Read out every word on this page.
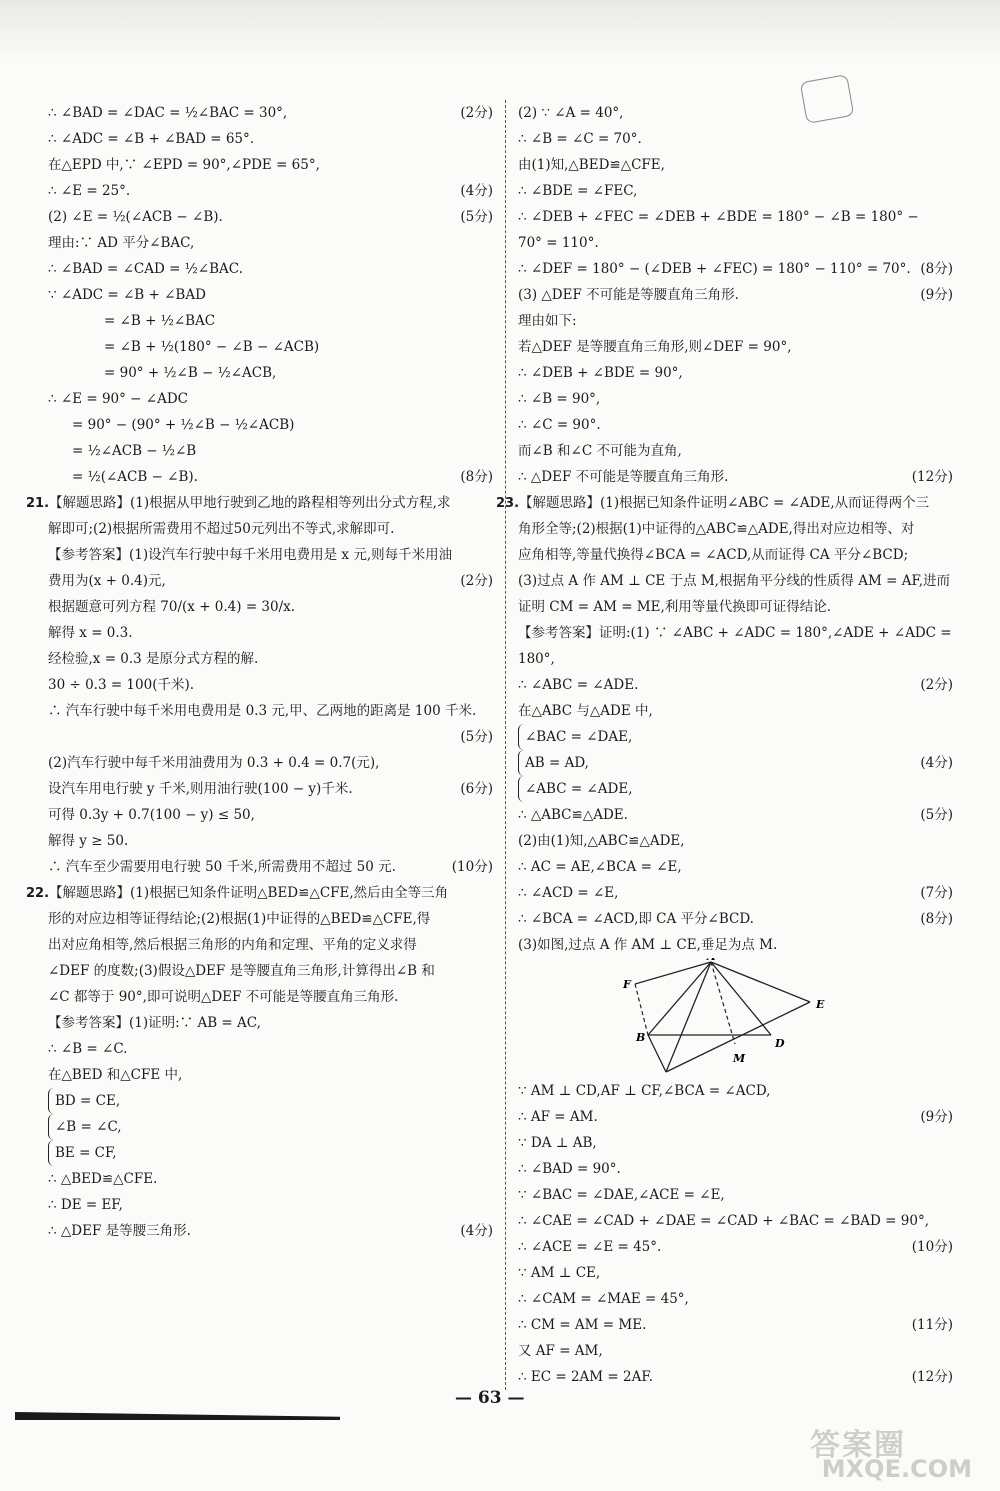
∴ ∠BAD = ∠DAC = ½∠BAC = 30°,	(2分)
∴ ∠ADC = ∠B + ∠BAD = 65°.
在△EPD 中,∵ ∠EPD = 90°,∠PDE = 65°,
∴ ∠E = 25°.	(4分)
(2) ∠E = ½(∠ACB − ∠B).	(5分)
理由:∵ AD 平分∠BAC,
∴ ∠BAD = ∠CAD = ½∠BAC.
∵ ∠ADC = ∠B + ∠BAD
= ∠B + ½∠BAC
= ∠B + ½(180° − ∠B − ∠ACB)
= 90° + ½∠B − ½∠ACB,
∴ ∠E = 90° − ∠ADC
= 90° − (90° + ½∠B − ½∠ACB)
= ½∠ACB − ½∠B
= ½(∠ACB − ∠B).	(8分)
21.【解题思路】(1)根据从甲地行驶到乙地的路程相等列出分式方程,求
解即可;(2)根据所需费用不超过50元列出不等式,求解即可.
【参考答案】(1)设汽车行驶中每千米用电费用是 x 元,则每千米用油
费用为(x + 0.4)元,	(2分)
根据题意可列方程 70/(x + 0.4) = 30/x.
解得 x = 0.3.
经检验,x = 0.3 是原分式方程的解.
30 ÷ 0.3 = 100(千米).
∴ 汽车行驶中每千米用电费用是 0.3 元,甲、乙两地的距离是 100 千米.
(5分)
(2)汽车行驶中每千米用油费用为 0.3 + 0.4 = 0.7(元),
设汽车用电行驶 y 千米,则用油行驶(100 − y)千米.	(6分)
可得 0.3y + 0.7(100 − y) ≤ 50,
解得 y ≥ 50.
∴ 汽车至少需要用电行驶 50 千米,所需费用不超过 50 元.	(10分)
22.【解题思路】(1)根据已知条件证明△BED≌△CFE,然后由全等三角
形的对应边相等证得结论;(2)根据(1)中证得的△BED≌△CFE,得
出对应角相等,然后根据三角形的内角和定理、平角的定义求得
∠DEF 的度数;(3)假设△DEF 是等腰直角三角形,计算得出∠B 和
∠C 都等于 90°,即可说明△DEF 不可能是等腰直角三角形.
【参考答案】(1)证明:∵ AB = AC,
∴ ∠B = ∠C.
在△BED 和△CFE 中,
BD = CE,
∠B = ∠C,
BE = CF,
∴ △BED≌△CFE.
∴ DE = EF,
∴ △DEF 是等腰三角形.	(4分)
(2) ∵ ∠A = 40°,
∴ ∠B = ∠C = 70°.
由(1)知,△BED≌△CFE,
∴ ∠BDE = ∠FEC,
∴ ∠DEB + ∠FEC = ∠DEB + ∠BDE = 180° − ∠B = 180° −
70° = 110°.
∴ ∠DEF = 180° − (∠DEB + ∠FEC) = 180° − 110° = 70°. (8分)
(3) △DEF 不可能是等腰直角三角形.	(9分)
理由如下:
若△DEF 是等腰直角三角形,则∠DEF = 90°,
∴ ∠DEB + ∠BDE = 90°,
∴ ∠B = 90°,
∴ ∠C = 90°.
而∠B 和∠C 不可能为直角,
∴ △DEF 不可能是等腰直角三角形.	(12分)
23.【解题思路】(1)根据已知条件证明∠ABC = ∠ADE,从而证得两个三
角形全等;(2)根据(1)中证得的△ABC≌△ADE,得出对应边相等、对
应角相等,等量代换得∠BCA = ∠ACD,从而证得 CA 平分∠BCD;
(3)过点 A 作 AM ⊥ CE 于点 M,根据角平分线的性质得 AM = AF,进而
证明 CM = AM = ME,利用等量代换即可证得结论.
【参考答案】证明:(1) ∵ ∠ABC + ∠ADC = 180°,∠ADE + ∠ADC =
180°,
∴ ∠ABC = ∠ADE.	(2分)
在△ABC 与△ADE 中,
∠BAC = ∠DAE,
AB = AD,	(4分)
∠ABC = ∠ADE,
∴ △ABC≌△ADE.	(5分)
(2)由(1)知,△ABC≌△ADE,
∴ AC = AE,∠BCA = ∠E,
∴ ∠ACD = ∠E,	(7分)
∴ ∠BCA = ∠ACD,即 CA 平分∠BCD.	(8分)
(3)如图,过点 A 作 AM ⊥ CE,垂足为点 M.
F
B	D
E
M
∵ AM ⊥ CD,AF ⊥ CF,∠BCA = ∠ACD,
∴ AF = AM.	(9分)
∵ DA ⊥ AB,
∴ ∠BAD = 90°.
∵ ∠BAC = ∠DAE,∠ACE = ∠E,
∴ ∠CAE = ∠CAD + ∠DAE = ∠CAD + ∠BAC = ∠BAD = 90°,
∴ ∠ACE = ∠E = 45°.	(10分)
∵ AM ⊥ CE,
∴ ∠CAM = ∠MAE = 45°,
∴ CM = AM = ME.	(11分)
又 AF = AM,
∴ EC = 2AM = 2AF.	(12分)
— 63 —
答案圈
MXQE.COM
